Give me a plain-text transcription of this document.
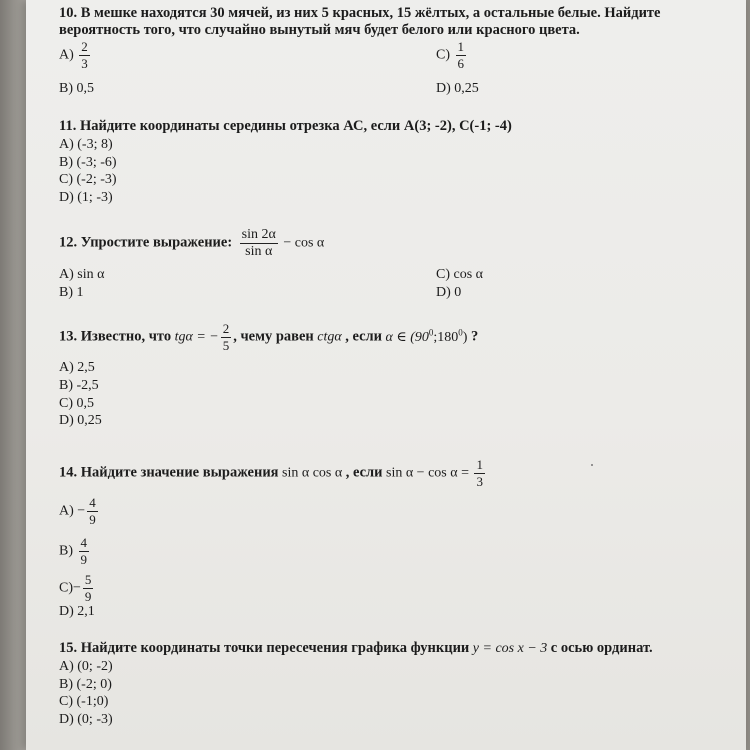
10. В мешке находятся 30 мячей, из них 5 красных, 15 жёлтых, а остальные белые. Найдите
вероятность того, что случайно вынутый мяч будет белого или красного цвета.
$A) \frac{2}{3}$	$C) \frac{1}{6}$
B) 0,5	D) 0,25
11. Найдите координаты середины отрезка АС, если А(3; -2), С(-1; -4)
A) (-3; 8)
B) (-3; -6)
C) (-2; -3)
D) (1; -3)
12. Упростите выражение: $\frac{\sin 2\alpha}{\text{sin α}} - \cos \alpha$
A) sin α	C) cos α
B) 1	D) 0
13. Известно, что tgα = − $\frac{2}{5}$ , чему равен ctgα , если α ∈ $(90^0;180^0)$ ?
A) 2,5
B) -2,5
C) 0,5
D) 0,25
14. Найдите значение выражения sin α cos α , если $\sin \alpha - \cos \alpha = \frac{1}{3}$
$A) - \frac{4}{9}$
$B) \frac{4}{9}$
$C)- \frac{5}{9}$
D) 2,1
15. Найдите координаты точки пересечения графика функции y = cos x − 3 с осью ординат.
A) (0; -2)
B) (-2; 0)
C) (-1;0)
D) (0; -3)
